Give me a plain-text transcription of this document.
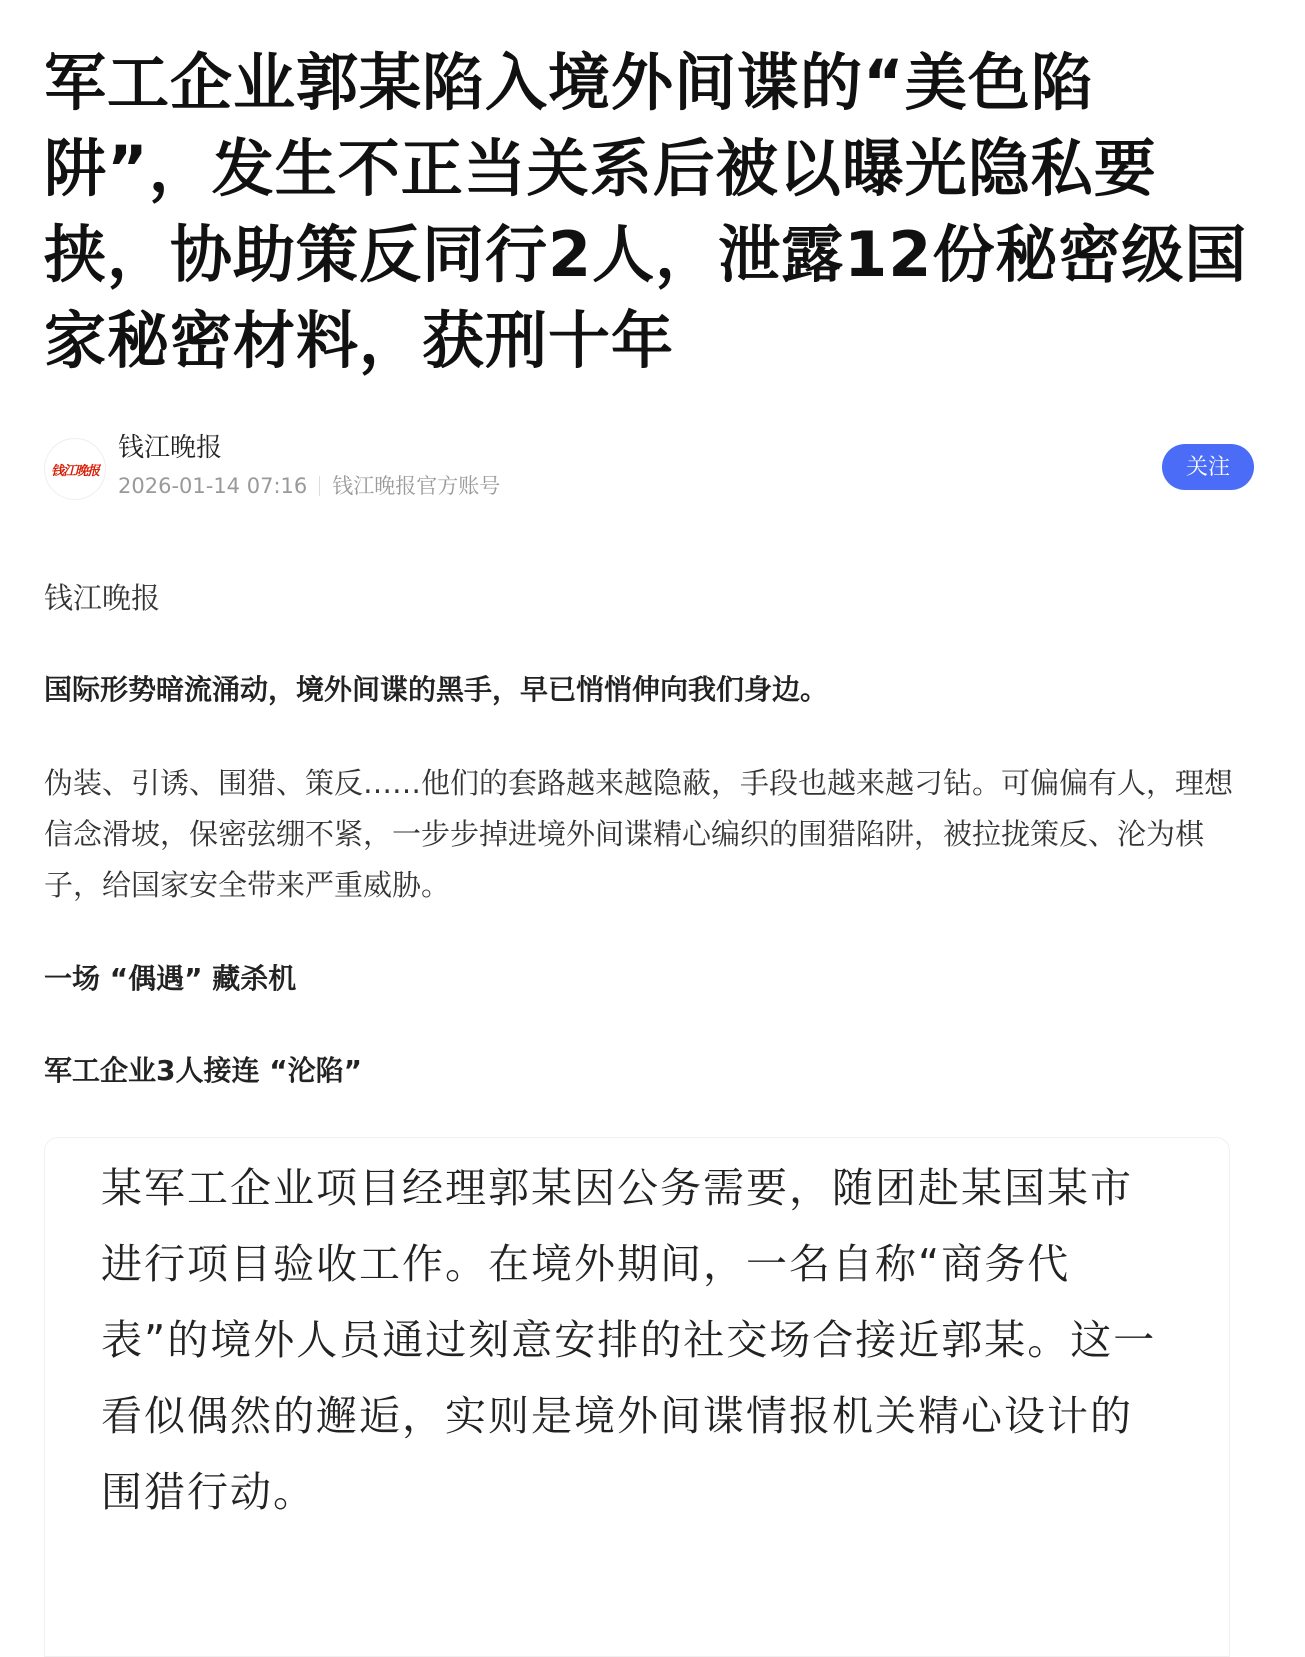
军工企业郭某陷入境外间谍的“美色陷阱”，发生不正当关系后被以曝光隐私要挟，协助策反同行2人，泄露12份秘密级国家秘密材料，获刑十年
钱江晚报
钱江晚报
2026-01-14 07:16 钱江晚报官方账号
关注
钱江晚报
国际形势暗流涌动，境外间谍的黑手，早已悄悄伸向我们身边。
伪装、引诱、围猎、策反……他们的套路越来越隐蔽，手段也越来越刁钻。可偏偏有人，理想信念滑坡，保密弦绷不紧，一步步掉进境外间谍精心编织的围猎陷阱，被拉拢策反、沦为棋子，给国家安全带来严重威胁。
一场 “偶遇” 藏杀机
军工企业3人接连 “沦陷”
某军工企业项目经理郭某因公务需要，随团赴某国某市进行项目验收工作。在境外期间，一名自称“商务代表”的境外人员通过刻意安排的社交场合接近郭某。这一看似偶然的邂逅，实则是境外间谍情报机关精心设计的围猎行动。
